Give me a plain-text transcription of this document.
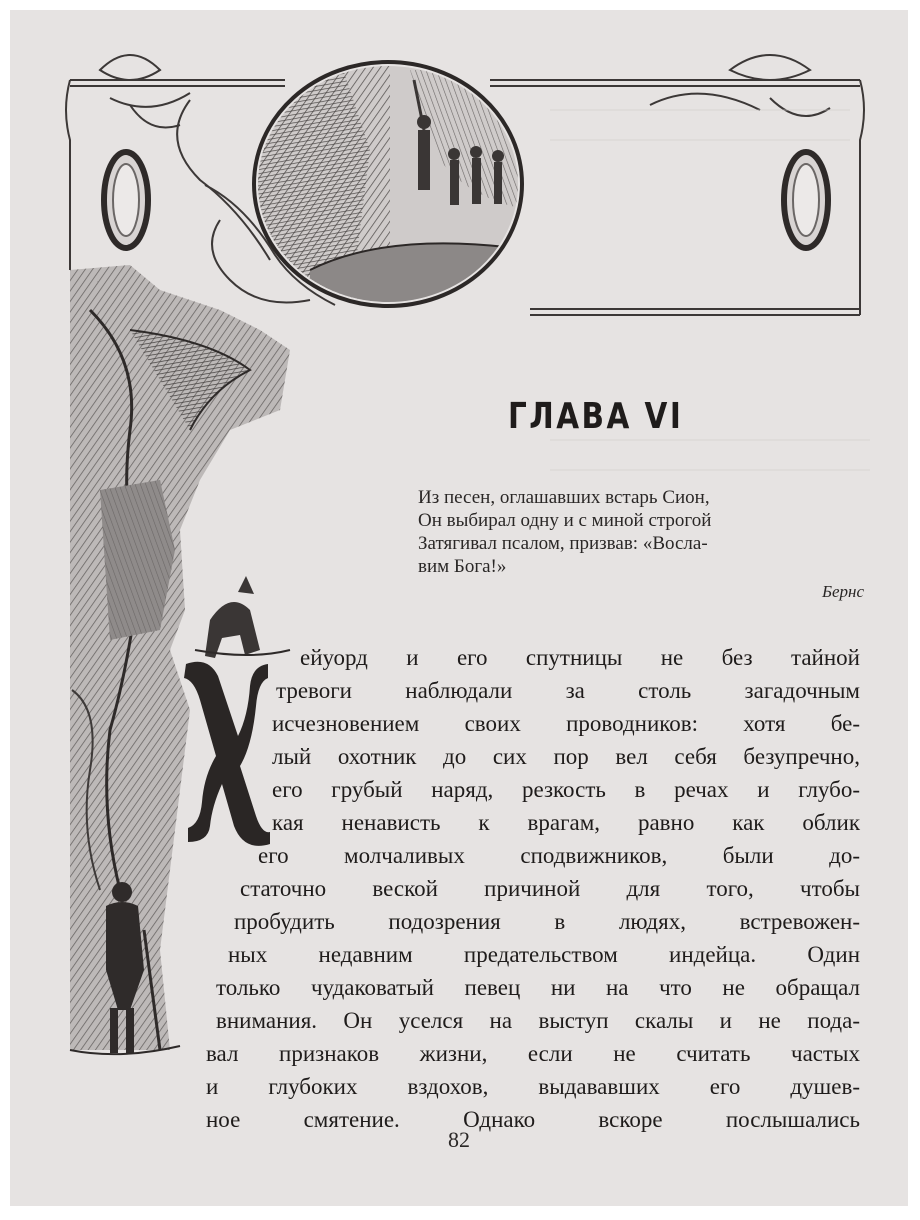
ГЛАВА VI
Из песен, оглашавших встарь Сион,
Он выбирал одну и с миной строгой
Затягивал псалом, призвав: «Восла-
вим Бога!»
Бернс
Х
ейуорд и его спутницы не без тайной
тревоги наблюдали за столь загадочным
исчезновением своих проводников: хотя бе-
лый охотник до сих пор вел себя безупречно,
его грубый наряд, резкость в речах и глубо-
кая ненависть к врагам, равно как облик
его молчаливых сподвижников, были до-
статочно веской причиной для того, чтобы
пробудить подозрения в людях, встревожен-
ных недавним предательством индейца. Один
только чудаковатый певец ни на что не обращал
внимания. Он уселся на выступ скалы и не пода-
вал признаков жизни, если не считать частых
и глубоких вздохов, выдававших его душев-
ное смятение. Однако вскоре послышались
82
